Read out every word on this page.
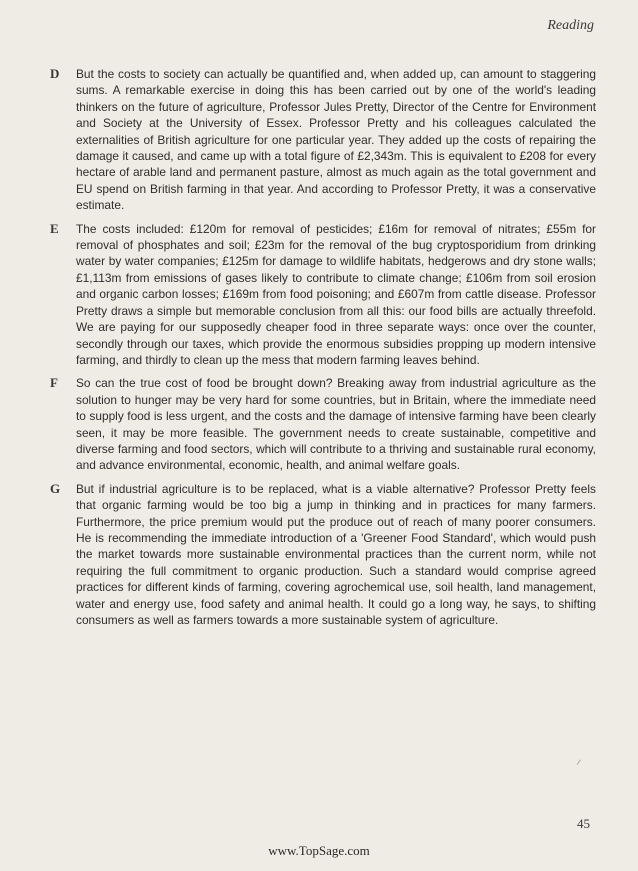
Reading
D	But the costs to society can actually be quantified and, when added up, can amount to staggering sums. A remarkable exercise in doing this has been carried out by one of the world's leading thinkers on the future of agriculture, Professor Jules Pretty, Director of the Centre for Environment and Society at the University of Essex. Professor Pretty and his colleagues calculated the externalities of British agriculture for one particular year. They added up the costs of repairing the damage it caused, and came up with a total figure of £2,343m. This is equivalent to £208 for every hectare of arable land and permanent pasture, almost as much again as the total government and EU spend on British farming in that year. And according to Professor Pretty, it was a conservative estimate.
E	The costs included: £120m for removal of pesticides; £16m for removal of nitrates; £55m for removal of phosphates and soil; £23m for the removal of the bug cryptosporidium from drinking water by water companies; £125m for damage to wildlife habitats, hedgerows and dry stone walls; £1,113m from emissions of gases likely to contribute to climate change; £106m from soil erosion and organic carbon losses; £169m from food poisoning; and £607m from cattle disease. Professor Pretty draws a simple but memorable conclusion from all this: our food bills are actually threefold. We are paying for our supposedly cheaper food in three separate ways: once over the counter, secondly through our taxes, which provide the enormous subsidies propping up modern intensive farming, and thirdly to clean up the mess that modern farming leaves behind.
F	So can the true cost of food be brought down? Breaking away from industrial agriculture as the solution to hunger may be very hard for some countries, but in Britain, where the immediate need to supply food is less urgent, and the costs and the damage of intensive farming have been clearly seen, it may be more feasible. The government needs to create sustainable, competitive and diverse farming and food sectors, which will contribute to a thriving and sustainable rural economy, and advance environmental, economic, health, and animal welfare goals.
G	But if industrial agriculture is to be replaced, what is a viable alternative? Professor Pretty feels that organic farming would be too big a jump in thinking and in practices for many farmers. Furthermore, the price premium would put the produce out of reach of many poorer consumers. He is recommending the immediate introduction of a 'Greener Food Standard', which would push the market towards more sustainable environmental practices than the current norm, while not requiring the full commitment to organic production. Such a standard would comprise agreed practices for different kinds of farming, covering agrochemical use, soil health, land management, water and energy use, food safety and animal health. It could go a long way, he says, to shifting consumers as well as farmers towards a more sustainable system of agriculture.
45
www.TopSage.com
